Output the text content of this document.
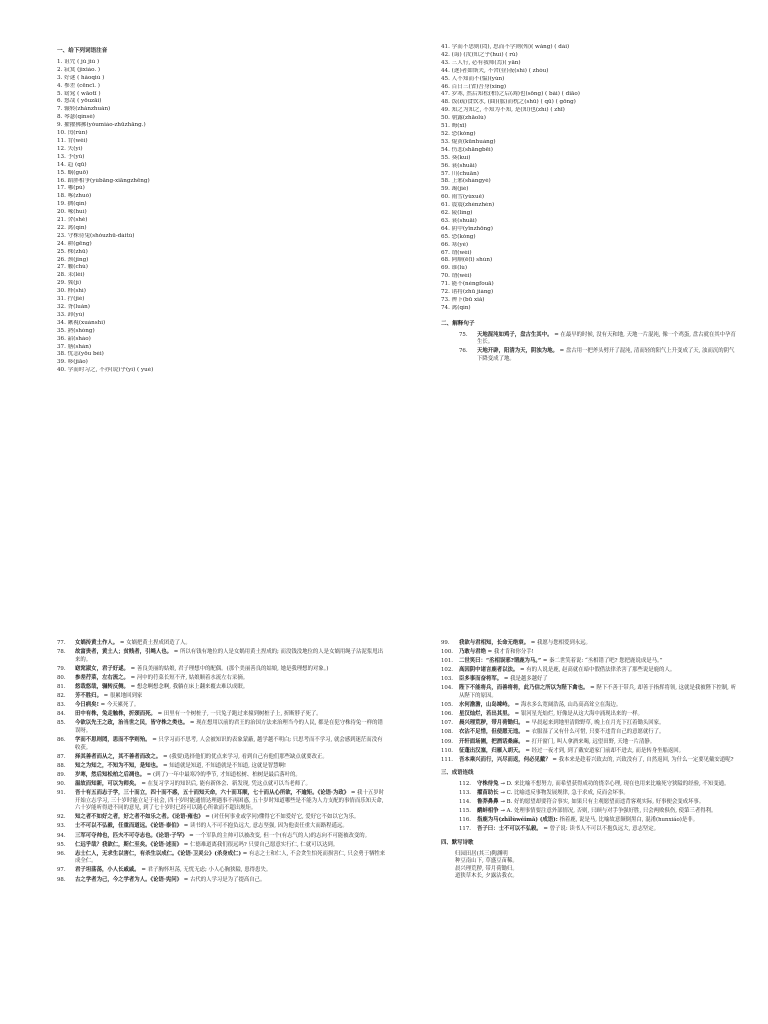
一、给下列词语注音
1. 诅咒 ( jǔ jiù )
2. 寂寞 (jìxiào. )
3. 好逑 ( hǎoqiú )
4. 参差 (cēncī. )
5. 窈窕 ( wāotī )
6. 悠哉 ( yōuzāi)
7. 辗转(zhǎnzhuǎn)
8. 琴瑟(qínsè)
9. 擢擢拂拂(yǒumiáo-zhūzhāng.)
10. 闰(rùn)
11. 背(wěi)
12. 矢(yì)
13. 予(yǔ)
14. 趋 (qū)
15. 蜗(guō)
16. 蹈胖相争(yùbāng-xiāngzhēng)
17. 哪(pù)
18. 啄(zhuó)
19. 擒(qín)
20. 喙(huì)
21. 舍(shě)
22. 禽(qín)
23. 守株待兔(shǒuzhū-dàitù)
24. 耕(gēng)
25. 株(zhū)
26. 颈(jǐng)
27. 触(chù)
28. 耒(lěi)
29. 冀(jì)
30. 释(shì)
31. 拧(jié)
32. 胥(luǎn)
33. 卸(yù)
34. 瞅視(xuànshì)
35. 熟(shóng)
36. 韶(sháo)
37. 膳(shàn)
38. 忧恚(yōu bèi)
39. 哆(jiāo)
40. 学而时习之, 不亦(说)乎(yì) ( yuè)
41. 学而不思则(罔), 思而不学则(殆)( wǎng) ( dài)
42. (诲) (汝)知之乎(huì) ( rǔ)
43. 三人行, 必有我师(焉)( yān)
44. (逐)者如斯夫, 不舍(昼)夜(shì) ( zhòu)
45. 人不知而不(愠)(yùn)
46. 百日三(省)吾身(xǐng)
47. 岁寒, 然后知松(柏)之后(凋)也(sōng) ( bǎi) ( diāo)
48. 饭(疏)食饮水, (曲)(肱)而枕之(shū) ( qū) ( gōng)
49. 知之为知之, 不知为不知, 是(知)也(zhì) ( zhī)
50. 朝露(zhāolù)
51. 晦(xī)
52. 恐(kǒng)
53. 焜黄(kūnhuáng)
54. 伤悲(shāngbēi)
55. 葵(kuí)
56. 衰(shuāi)
57. 川(chuān)
58. 上邪(shàngyé)
59. 竭(jié)
60. 雨雪(yùxuě)
61. 震震(zhènzhèn)
62. 陵(líng)
63. 衰(shuāi)
64. 阴中(yīnzhōng)
65. 恐(kǒng)
66. 寒(yè)
67. 谓(wèi)
68. 阿顺(ē(ī) shùn)
69. 谁(lù)
70. 谓(wèi)
71. 能不(néngfouā)
72. 诸将(zhū jiàng)
73. 辨下(bū xiǎ)
74. 禽(qín)
二、解释句子
75.	天地混沌如鸡子，盘古生其中。 = 在最早的时候, 没有天和地, 天地一片混沌, 像一个鸡蛋, 盘古就在其中孕育生长。
76.	天地开辟，阳清为天，阴浊为地。 = 盘古用一把斧头劈开了混沌, 清而轻的阳气上升变成了天, 浊而沉的阴气下降变成了地。
77.	女娲抟黄土作人。 = 女娲把黄土捏成团造了人。
78.	故富贵者，黄土人；贫贱者，引绳人也。 = 所以有钱有地位的人是女娲用黄土捏成的; 而没钱没地位的人是女娲用绳子沾泥浆甩出来的。
79.	窈窕淑女，君子好逑。 = 善良美丽的姑娘, 君子理想中的配偶。(那个美丽善良的姑娘, 她是我理想的对象。)
80.	参差荇菜，左右流之。 = 河中的荇菜长短不齐, 姑娘顺着水流左右采摘。
81.	悠哉悠哉，辗转反侧。 = 想念啊想念啊, 我躺在床上翻来覆去难以成眠。
82.	芳不胜归。 = 很累地回到家
83.	今日病矣! = 今天累死了。
84.	田中有株，兔走触株，折颈而死。 = 田里有一个树桩子, 一只兔子跑过来撞到树桩子上, 折断脖子死了。
85.	今欲以先王之政，治当世之民，皆守株之类也。 = 现在想用以前的君王的治国方法来治理当今的人民, 都是在犯守株待兔一样的错误呀。
86.	学而不思则罔，思而不学则殆。 = 只学习而不思考, 人会被知识的表象蒙蔽, 越学越不明白; 只思考而不学习, 就会感到迷茫而没有收获。
87.	择其善者而从之，其不善者而改之。 = (我要)选择他们的优点来学习, 看到自己有他们那些缺点就要改正。
88.	知之为知之，不知为不知，是知也。 = 知道就是知道, 不知道就是不知道, 这就是智慧啊!
89.	岁寒，然后知松柏之后凋也。 = (到了)一年中最寒冷的季节, 才知道松树、柏树是最后落叶的。
90.	温故而知新，可以为师矣。 = 在复习学习的知识后, 能有新体会、新发现, 凭这点就可以当老师了。
91.	吾十有五而志于学，三十而立，四十而不惑，五十而知天命，六十而耳顺，七十而从心所欲，不逾矩。《论语·为政》 = 我十五岁时开始立志学习, 三十岁时能立足于社会, 四十岁时能通情达理遇事不再困惑, 五十岁时知道哪些是不能为人力支配的事情而乐知天命, 六十岁能听得进不同的意见, 到了七十岁时已经可以随心所欲而不超出规矩。
92.	知之者不如好之者，好之者不如乐之者。《论语·雍也》 = (对任何事业或学问)懂得它不如爱好它, 爱好它不如以它为乐。
93.	士不可以不弘毅，任重而道远。《论语·泰伯》 = 读书的人不可不抱负远大, 意志坚强, 因为他责任重大而路程遥远。
94.	三军可夺帅也，匹夫不可夺志也。《论语·子罕》 = 一个军队的主帅可以被改变, 但一个(有志气的人)的志向不可能被改变的。
95.	仁远乎哉？我欲仁，斯仁至矣。《论语·述而》 = 仁德难道离我们很远吗? 只要自己愿意实行仁, 仁就可以达到。
96.	志士仁人，无求生以害仁，有杀生以成仁。《论语·卫灵公》(杀身成仁) = 有志之士和仁人, 不会贪生怕死而损害仁, 只会勇于牺牲来成全仁。
97.	君子坦荡荡，小人长戚戚。 = 君子胸怀坦荡, 无忧无虑; 小人心胸狭隘, 患得患失。
98.	古之学者为己，今之学者为人。《论语·宪问》 = 古代的人学习是为了提高自己。
99.	我欲与君相知，长命无绝衰。 = 我愿与您相爱到永远。
100.	乃敢与君绝 = 我才肯和你分手!
101.	二世笑曰：“丞相误邪?谓鹿为马。” = 秦二世笑着说: “丞相错了吧? 您把鹿说成是马。”
102.	高因阴中诸言鹿者以法。 = 有的人说是鹿, 赵高就在暗中假借法律杀害了那些说是鹿的人。
103.	臣多事而奋将军。 = 我是越多越好了
104.	陛下不能将兵，而善将将，此乃信之所以为陛下禽也。 = 陛下不善于带兵, 却善于指挥将领, 这就是我被陛下控制, 听从陛下的原因。
105.	水何澹澹，山岛竦峙。 = 海水多么宽阔浩荡, 山岛高高耸立在海边。
106.	星汉灿烂，若出其里。 = 银河星光灿烂, 好像是从这大海中涌现出来的一样。
107.	晨兴理荒秽，带月荷锄归。 = 早晨起来到地里清除野草, 晚上在月光下扛着锄头回家。
108.	衣沾不足惜，但使愿无违。 = 衣服湿了又有什么可惜, 只要不违背自己的意愿就行了。
109.	开轩面场圃，把酒话桑麻。 = 打开窗门, 叫人拿酒来喝, 远望田野, 天地一片清静。
110.	征蓬出汉塞，归雁入胡天。 = 经过一夜才到, 到了戴安道家门前却不进去, 而是转身坐船返回。
111.	吾本乘兴而行，兴尽而返，何必见戴？ = 我本来是趁着兴致去的, 兴致没有了, 自然返回, 为什么一定要见戴安道呢?
三、成语连线
112.	守株待兔 → D. 来比喻不想努力, 而希望获得成功的侥幸心理, 现在也用来比喻死守狭隘的经验, 不知变通。
113.	擢苗助长 → C. 比喻违反事物发展规律, 急于求成, 反而会坏事。
114.	鲁莽鼻鼻 → B. 好的愿望却要符合事实, 如果只有主观愿望而违背客观实际, 好事便会变成坏事。
115.	鹬蚌相争 → A. 处理事情要注意外部情况, 否则, 只顾与对手争强好胜, 只会两败俱伤, 使第三者得利。
116.	指鹿为马(zhǐlùwéimǎ) (成语): 指着鹿, 说是马, 比喻故意颠倒黑白, 混淆(hunxiáo)是非。
117.	吾子曰：士不可以不弘毅。 = 曾子说: 读书人不可以不抱负远大, 意志坚定。
四、默写诗歌
归园田居(其三)陶渊明
种豆南山下, 草盛豆苗稀。
晨兴理荒秽, 带月荷锄归。
道狭草木长, 夕露沾我衣。
